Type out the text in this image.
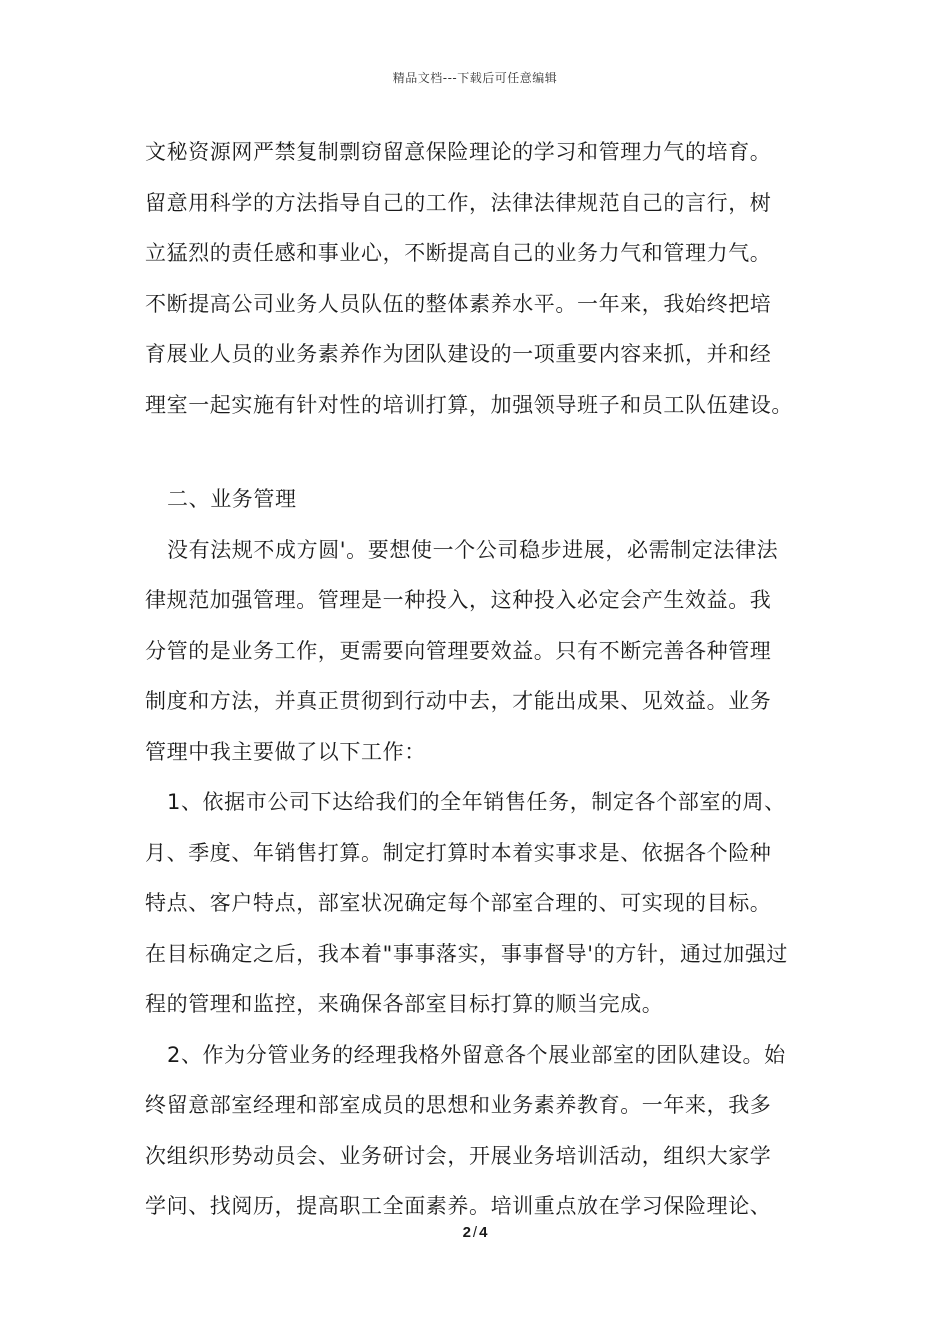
精品文档---下载后可任意编辑
文秘资源网严禁复制剽窃留意保险理论的学习和管理力气的培育。
留意用科学的方法指导自己的工作，法律法律规范自己的言行，树
立猛烈的责任感和事业心，不断提高自己的业务力气和管理力气。
不断提高公司业务人员队伍的整体素养水平。一年来，我始终把培
育展业人员的业务素养作为团队建设的一项重要内容来抓，并和经
理室一起实施有针对性的培训打算，加强领导班子和员工队伍建设。
二、业务管理
没有法规不成方圆'。要想使一个公司稳步进展，必需制定法律法
律规范加强管理。管理是一种投入，这种投入必定会产生效益。我
分管的是业务工作，更需要向管理要效益。只有不断完善各种管理
制度和方法，并真正贯彻到行动中去，才能出成果、见效益。业务
管理中我主要做了以下工作：
1、依据市公司下达给我们的全年销售任务，制定各个部室的周、
月、季度、年销售打算。制定打算时本着实事求是、依据各个险种
特点、客户特点，部室状况确定每个部室合理的、可实现的目标。
在目标确定之后，我本着"事事落实，事事督导'的方针，通过加强过
程的管理和监控，来确保各部室目标打算的顺当完成。
2、作为分管业务的经理我格外留意各个展业部室的团队建设。始
终留意部室经理和部室成员的思想和业务素养教育。一年来，我多
次组织形势动员会、业务研讨会，开展业务培训活动，组织大家学
学问、找阅历，提高职工全面素养。培训重点放在学习保险理论、
2 / 4
